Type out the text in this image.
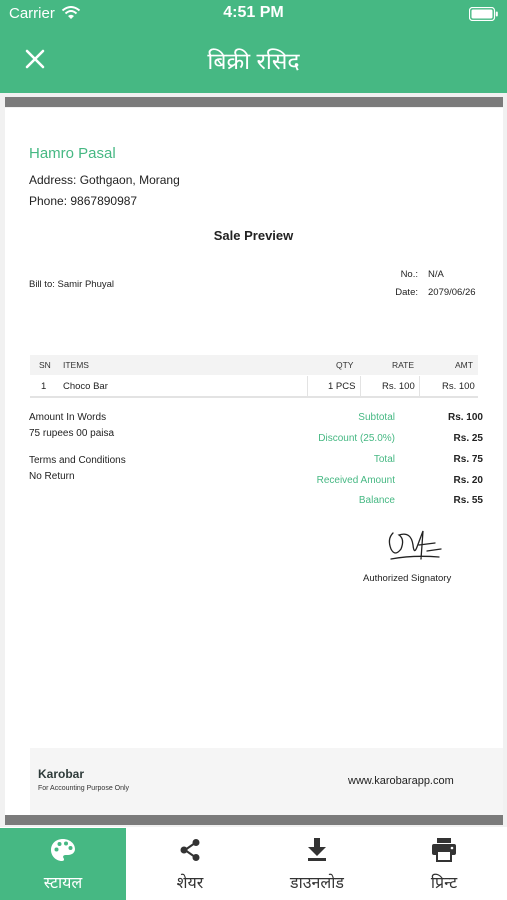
Carrier	4:51 PM
बिक्री रसिद
Hamro Pasal
Address: Gothgaon, Morang
Phone: 9867890987
Sale Preview
Bill to: Samir Phuyal
No.: N/A
Date: 2079/06/26
SN ITEMS	QTY	RATE	AMT
1 Choco Bar	1 PCS	Rs. 100	Rs. 100
Amount In Words
75 rupees 00 paisa
Terms and Conditions
No Return
Subtotal	Rs. 100
Discount (25.0%)	Rs. 25
Total	Rs. 75
Received Amount	Rs. 20
Balance	Rs. 55
Authorized Signatory
Karobar
For Accounting Purpose Only
www.karobarapp.com
स्टायल	शेयर	डाउनलोड	प्रिन्ट
